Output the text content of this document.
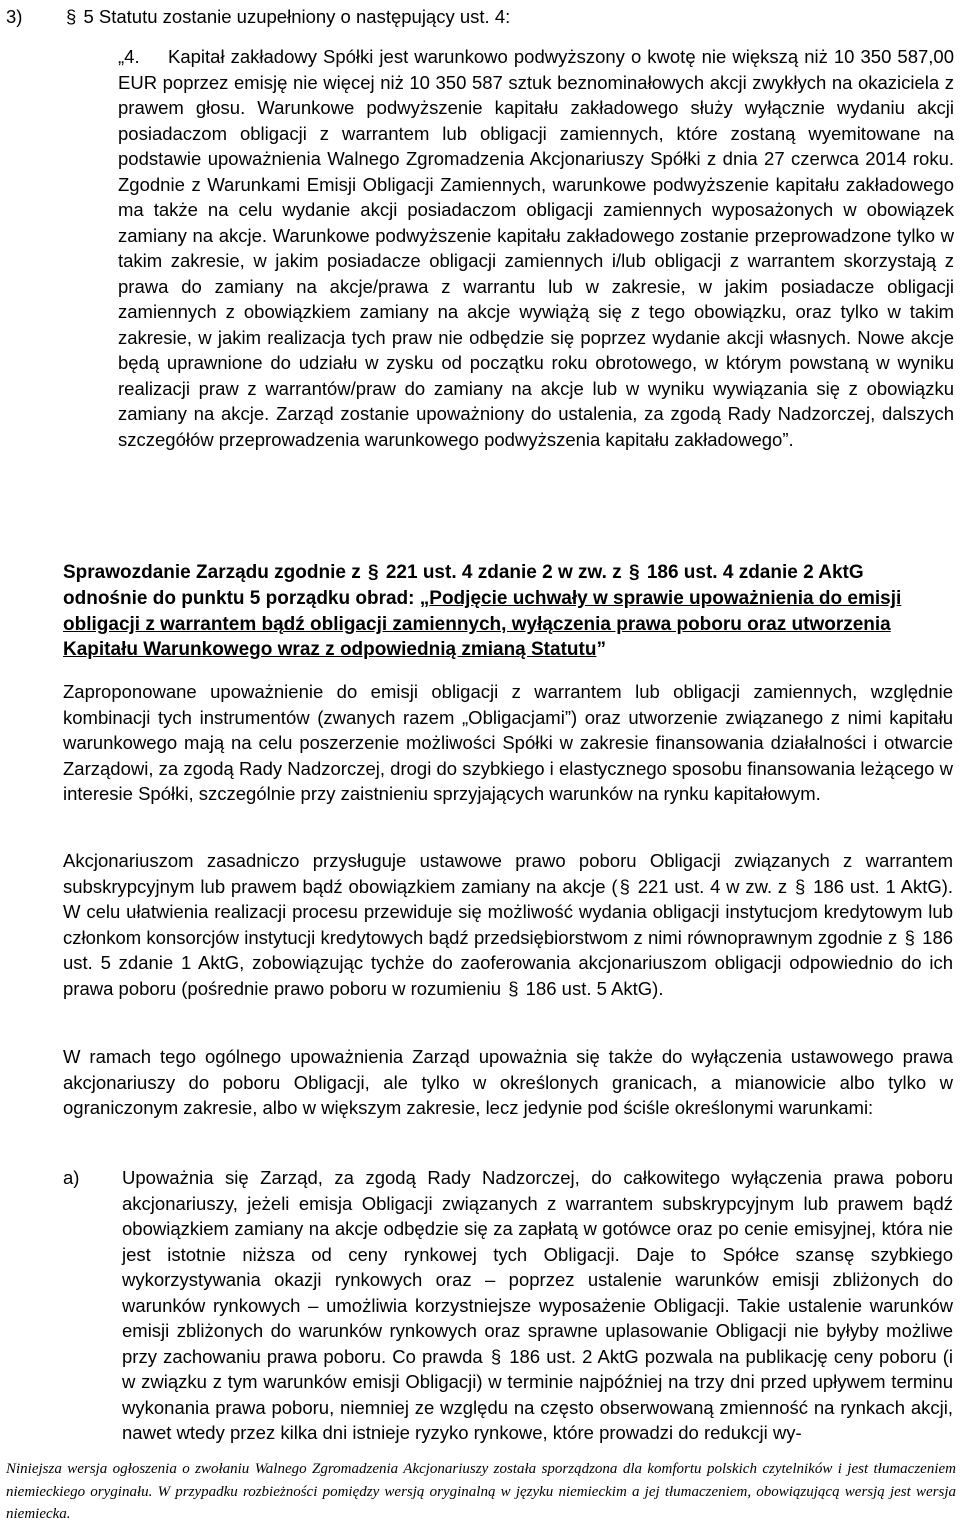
3) § 5 Statutu zostanie uzupełniony o następujący ust. 4:
„4.	Kapitał zakładowy Spółki jest warunkowo podwyższony o kwotę nie większą niż 10 350 587,00 EUR poprzez emisję nie więcej niż 10 350 587 sztuk beznominałowych akcji zwykłych na okaziciela z prawem głosu. Warunkowe podwyższenie kapitału zakładowego służy wyłącznie wydaniu akcji posiadaczom obligacji z warrantem lub obligacji zamiennych, które zostaną wyemitowane na podstawie upoważnienia Walnego Zgromadzenia Akcjonariuszy Spółki z dnia 27 czerwca 2014 roku. Zgodnie z Warunkami Emisji Obligacji Zamiennych, warunkowe podwyższenie kapitału zakładowego ma także na celu wydanie akcji posiadaczom obligacji zamiennych wyposażonych w obowiązek zamiany na akcje. Warunkowe podwyższenie kapitału zakładowego zostanie przeprowadzone tylko w takim zakresie, w jakim posiadacze obligacji zamiennych i/lub obligacji z warrantem skorzystają z prawa do zamiany na akcje/prawa z warrantu lub w zakresie, w jakim posiadacze obligacji zamiennych z obowiązkiem zamiany na akcje wywiążą się z tego obowiązku, oraz tylko w takim zakresie, w jakim realizacja tych praw nie odbędzie się poprzez wydanie akcji własnych. Nowe akcje będą uprawnione do udziału w zysku od początku roku obrotowego, w którym powstaną w wyniku realizacji praw z warrantów/praw do zamiany na akcje lub w wyniku wywiązania się z obowiązku zamiany na akcje. Zarząd zostanie upoważniony do ustalenia, za zgodą Rady Nadzorczej, dalszych szczegółów przeprowadzenia warunkowego podwyższenia kapitału zakładowego”.
Sprawozdanie Zarządu zgodnie z § 221 ust. 4 zdanie 2 w zw. z § 186 ust. 4 zdanie 2 AktG odnośnie do punktu 5 porządku obrad: „Podjęcie uchwały w sprawie upoważnienia do emisji obligacji z warrantem bądź obligacji zamiennych, wyłączenia prawa poboru oraz utworzenia Kapitału Warunkowego wraz z odpowiednią zmianą Statutu”
Zaproponowane upoważnienie do emisji obligacji z warrantem lub obligacji zamiennych, względnie kombinacji tych instrumentów (zwanych razem „Obligacjami”) oraz utworzenie związanego z nimi kapitału warunkowego mają na celu poszerzenie możliwości Spółki w zakresie finansowania działalności i otwarcie Zarządowi, za zgodą Rady Nadzorczej, drogi do szybkiego i elastycznego sposobu finansowania leżącego w interesie Spółki, szczególnie przy zaistnieniu sprzyjających warunków na rynku kapitałowym.
Akcjonariuszom zasadniczo przysługuje ustawowe prawo poboru Obligacji związanych z warrantem subskrypcyjnym lub prawem bądź obowiązkiem zamiany na akcje ( § 221 ust. 4 w zw. z § 186 ust. 1 AktG). W celu ułatwienia realizacji procesu przewiduje się możliwość wydania obligacji instytucjom kredytowym lub członkom konsorcjów instytucji kredytowych bądź przedsiębiorstwom z nimi równoprawnym zgodnie z § 186 ust. 5 zdanie 1 AktG, zobowiązując tychże do zaoferowania akcjonariuszom obligacji odpowiednio do ich prawa poboru (pośrednie prawo poboru w rozumieniu § 186 ust. 5 AktG).
W ramach tego ogólnego upoważnienia Zarząd upoważnia się także do wyłączenia ustawowego prawa akcjonariuszy do poboru Obligacji, ale tylko w określonych granicach, a mianowicie albo tylko w ograniczonym zakresie, albo w większym zakresie, lecz jedynie pod ściśle określonymi warunkami:
a) Upoważnia się Zarząd, za zgodą Rady Nadzorczej, do całkowitego wyłączenia prawa poboru akcjonariuszy, jeżeli emisja Obligacji związanych z warrantem subskrypcyjnym lub prawem bądź obowiązkiem zamiany na akcje odbędzie się za zapłatą w gotówce oraz po cenie emisyjnej, która nie jest istotnie niższa od ceny rynkowej tych Obligacji. Daje to Spółce szansę szybkiego wykorzystywania okazji rynkowych oraz – poprzez ustalenie warunków emisji zbliżonych do warunków rynkowych – umożliwia korzystniejsze wyposażenie Obligacji. Takie ustalenie warunków emisji zbliżonych do warunków rynkowych oraz sprawne uplasowanie Obligacji nie byłyby możliwe przy zachowaniu prawa poboru. Co prawda § 186 ust. 2 AktG pozwala na publikację ceny poboru (i w związku z tym warunków emisji Obligacji) w terminie najpóźniej na trzy dni przed upływem terminu wykonania prawa poboru, niemniej ze względu na często obserwowaną zmienność na rynkach akcji, nawet wtedy przez kilka dni istnieje ryzyko rynkowe, które prowadzi do redukcji wy-
Niniejsza wersja ogłoszenia o zwołaniu Walnego Zgromadzenia Akcjonariuszy została sporządzona dla komfortu polskich czytelników i jest tłumaczeniem niemieckiego oryginału. W przypadku rozbieżności pomiędzy wersją oryginalną w języku niemieckim a jej tłumaczeniem, obowiązującą wersją jest wersja niemiecka.
